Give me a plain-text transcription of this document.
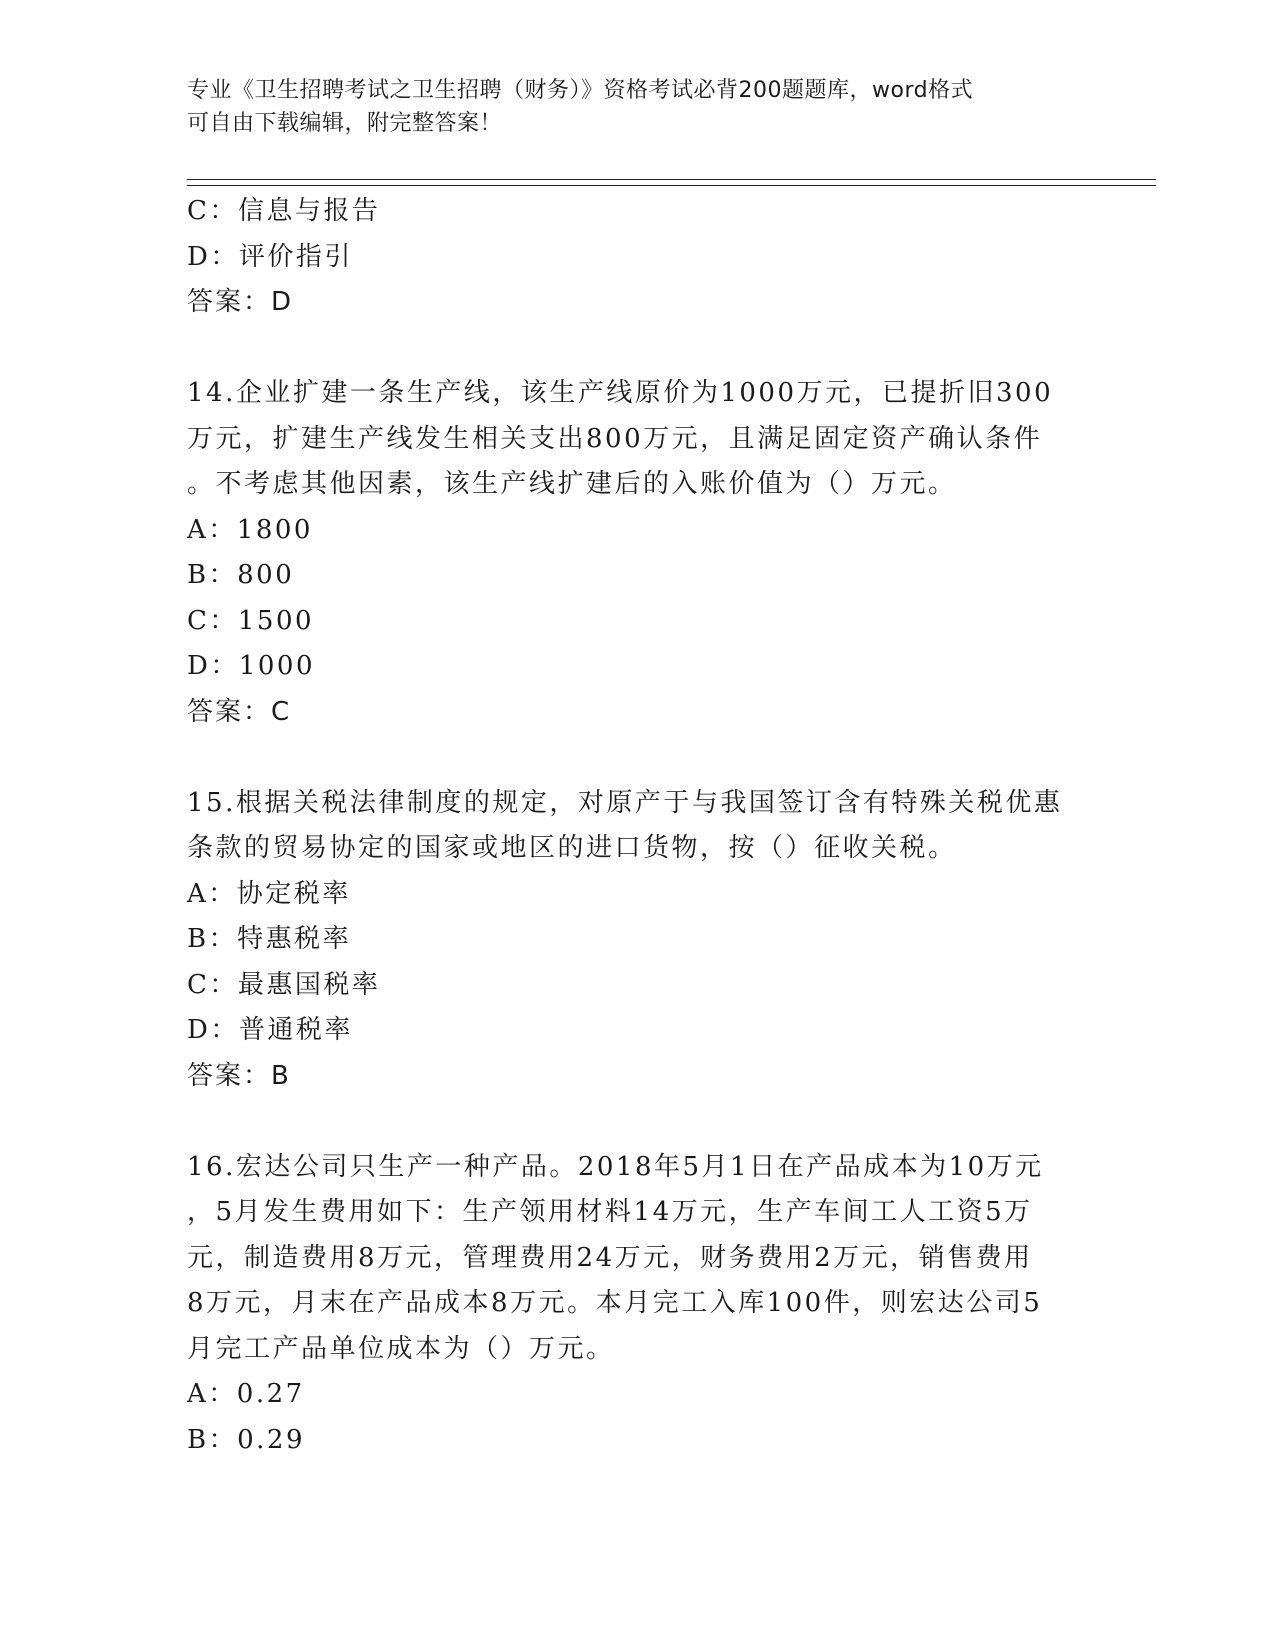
专业《卫生招聘考试之卫生招聘（财务）》资格考试必背200题题库，word格式
可自由下载编辑，附完整答案！
C：信息与报告
D：评价指引
答案：D
14.企业扩建一条生产线，该生产线原价为1000万元，已提折旧300
万元，扩建生产线发生相关支出800万元，且满足固定资产确认条件
。不考虑其他因素，该生产线扩建后的入账价值为（）万元。
A：1800
B：800
C：1500
D：1000
答案：C
15.根据关税法律制度的规定，对原产于与我国签订含有特殊关税优惠
条款的贸易协定的国家或地区的进口货物，按（）征收关税。
A：协定税率
B：特惠税率
C：最惠国税率
D：普通税率
答案：B
16.宏达公司只生产一种产品。2018年5月1日在产品成本为10万元
，5月发生费用如下：生产领用材料14万元，生产车间工人工资5万
元，制造费用8万元，管理费用24万元，财务费用2万元，销售费用
8万元，月末在产品成本8万元。本月完工入库100件，则宏达公司5
月完工产品单位成本为（）万元。
A：0.27
B：0.29
